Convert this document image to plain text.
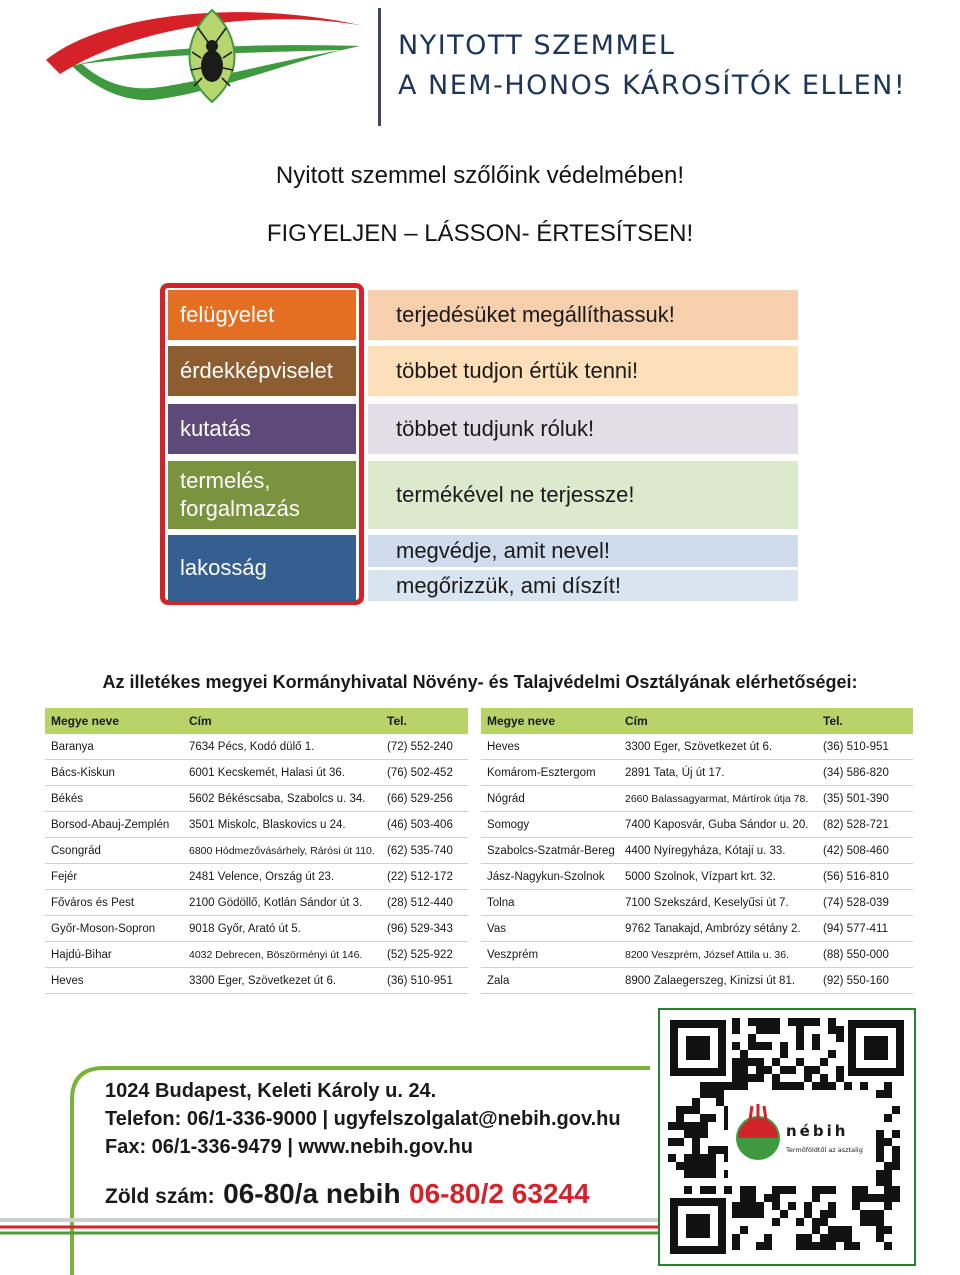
NYITOTT SZEMMEL
A NEM-HONOS KÁROSÍTÓK ELLEN!
Nyitott szemmel szőlőink védelmében!
FIGYELJEN – LÁSSON- ÉRTESÍTSEN!
felügyelet
érdekképviselet
kutatás
termelés, forgalmazás
lakosság
terjedésüket megállíthassuk!
többet tudjon értük tenni!
többet tudjunk róluk!
termékével ne terjessze!
megvédje, amit nevel!
megőrizzük, ami díszít!
Az illetékes megyei Kormányhivatal Növény- és Talajvédelmi Osztályának elérhetőségei:
Megye neve	Cím	Tel.
Baranya	7634 Pécs, Kodó dülő 1.	(72) 552-240
Bács-Kiskun	6001 Kecskemét, Halasi út 36.	(76) 502-452
Békés	5602 Békéscsaba, Szabolcs u. 34.	(66) 529-256
Borsod-Abauj-Zemplén	3501 Miskolc, Blaskovics u 24.	(46) 503-406
Csongrád	6800 Hódmezővásárhely, Rárósi út 110.	(62) 535-740
Fejér	2481 Velence, Ország út 23.	(22) 512-172
Főváros és Pest	2100 Gödöllő, Kotlán Sándor út 3.	(28) 512-440
Győr-Moson-Sopron	9018 Győr, Arató út 5.	(96) 529-343
Hajdú-Bihar	4032 Debrecen, Böszörményi út 146.	(52) 525-922
Heves	3300 Eger, Szövetkezet út 6.	(36) 510-951
Megye neve	Cím	Tel.
Heves	3300 Eger, Szövetkezet út 6.	(36) 510-951
Komárom-Esztergom	2891 Tata, Új út 17.	(34) 586-820
Nógrád	2660 Balassagyarmat, Mártírok útja 78.	(35) 501-390
Somogy	7400 Kaposvár, Guba Sándor u. 20.	(82) 528-721
Szabolcs-Szatmár-Bereg	4400 Nyíregyháza, Kótaji u. 33.	(42) 508-460
Jász-Nagykun-Szolnok	5000 Szolnok, Vízpart krt. 32.	(56) 516-810
Tolna	7100 Szekszárd, Keselyűsi út 7.	(74) 528-039
Vas	9762 Tanakajd, Ambrózy sétány 2.	(94) 577-411
Veszprém	8200 Veszprém, József Attila u. 36.	(88) 550-000
Zala	8900 Zalaegerszeg, Kinizsi út 81.	(92) 550-160
1024 Budapest, Keleti Károly u. 24.
Telefon: 06/1-336-9000 | ugyfelszolgalat@nebih.gov.hu
Fax: 06/1-336-9479 | www.nebih.gov.hu
Zöld szám: 06-80/a nebih 06-80/2 63244
nébih
Termőföldtől az asztalig
